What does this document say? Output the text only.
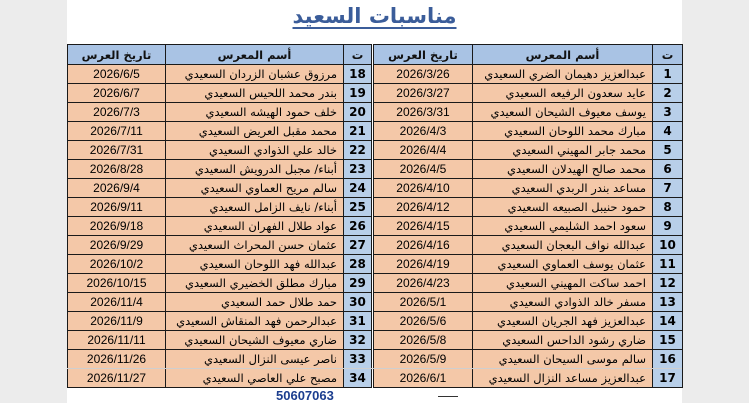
مناسبات السعيد
ت	أسم المعرس	تاريخ العرس
1	عبدالعزيز دهيمان الضري السعيدي	2026/3/26
2	عايد سعدون الرفيعه السعيدي	2026/3/27
3	يوسف معيوف الشيحان السعيدي	2026/3/31
4	مبارك محمد اللوحان السعيدي	2026/4/3
5	محمد جابر المهيني السعيدي	2026/4/4
6	محمد صالح الهيدلان السعيدي	2026/4/5
7	مساعد بندر الربدي السعيدي	2026/4/10
8	حمود حنيبل الصبيعه السعيدي	2026/4/12
9	سعود احمد الشليمي السعيدي	2026/4/15
10	عبدالله نواف البعجان السعيدي	2026/4/16
11	عثمان يوسف العماوي السعيدي	2026/4/19
12	احمد ساكت المهيني السعيدي	2026/4/23
13	مسفر خالد الذوادي السعيدي	2026/5/1
14	عبدالعزيز فهد الجريان السعيدي	2026/5/6
15	ضاري رشود الداحس السعيدي	2026/5/8
16	سالم موسى السيحان السعيدي	2026/5/9
17	عبدالعزيز مساعد النزال السعيدي	2026/6/1
ت	أسم المعرس	تاريخ العرس
18	مرزوق عشبان الزردان السعيدي	2026/6/5
19	بندر محمد اللحيس السعيدي	2026/6/7
20	خلف حمود الهيشه السعيدي	2026/7/3
21	محمد مقبل العريض السعيدي	2026/7/11
22	خالد علي الذوادي السعيدي	2026/7/31
23	أبناء/ مجبل الدرويش السعيدي	2026/8/28
24	سالم مريح العماوي السعيدي	2026/9/4
25	أبناء/ نايف الزامل السعيدي	2026/9/11
26	عواد طلال الفهران السعيدي	2026/9/18
27	عثمان حسن المحراث السعيدي	2026/9/29
28	عبدالله فهد اللوحان السعيدي	2026/10/2
29	مبارك مطلق الخضيري السعيدي	2026/10/15
30	حمد طلال حمد السعيدي	2026/11/4
31	عبدالرحمن فهد المنقاش السعيدي	2026/11/9
32	ضاري معيوف الشيحان السعيدي	2026/11/11
33	ناصر عيسى النزال السعيدي	2026/11/26
34	مصبح علي العاصي السعيدي	2026/11/27
50607063
